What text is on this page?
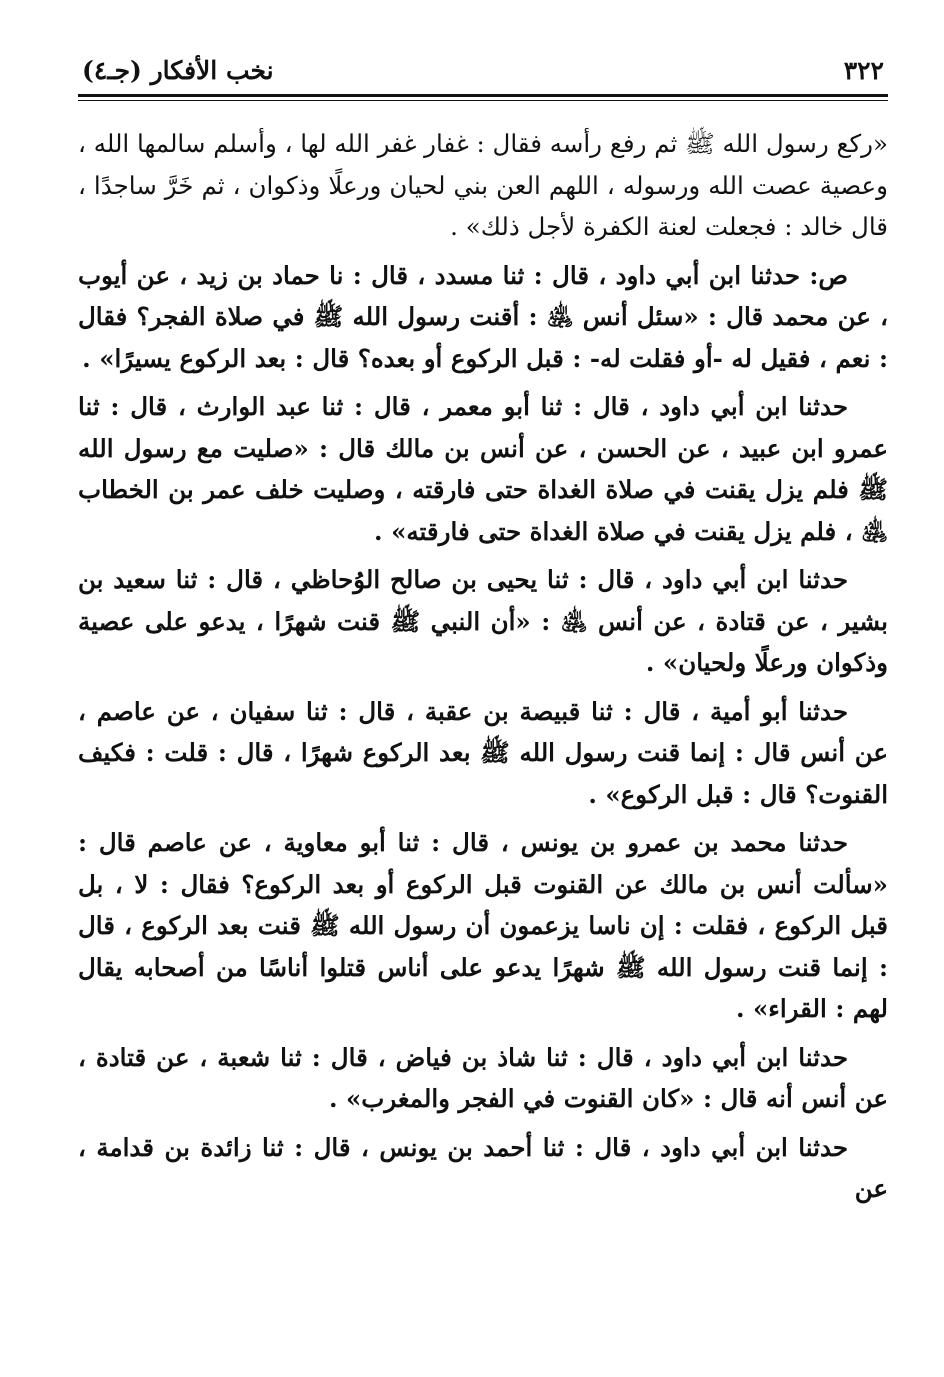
٣٢٢
نخب الأفكار (جـ٤)

«ركع رسول الله ﷺ ثم رفع رأسه فقال : غفار غفر الله لها ، وأسلم سالمها الله ، وعصية عصت الله ورسوله ، اللهم العن بني لحيان ورعلًا وذكوان ، ثم خَرَّ ساجدًا ، قال خالد : فجعلت لعنة الكفرة لأجل ذلك» .

ص: حدثنا ابن أبي داود ، قال : ثنا مسدد ، قال : نا حماد بن زيد ، عن أيوب ، عن محمد قال : «سئل أنس ﵁ : أقنت رسول الله ﷺ في صلاة الفجر؟ فقال : نعم ، فقيل له -أو فقلت له- : قبل الركوع أو بعده؟ قال : بعد الركوع يسيرًا» .

حدثنا ابن أبي داود ، قال : ثنا أبو معمر ، قال : ثنا عبد الوارث ، قال : ثنا عمرو ابن عبيد ، عن الحسن ، عن أنس بن مالك قال : «صليت مع رسول الله ﷺ فلم يزل يقنت في صلاة الغداة حتى فارقته ، وصليت خلف عمر بن الخطاب ﵁ ، فلم يزل يقنت في صلاة الغداة حتى فارقته» .

حدثنا ابن أبي داود ، قال : ثنا يحيى بن صالح الوُحاظي ، قال : ثنا سعيد بن بشير ، عن قتادة ، عن أنس ﵁ : «أن النبي ﷺ قنت شهرًا ، يدعو على عصية وذكوان ورعلًا ولحيان» .

حدثنا أبو أمية ، قال : ثنا قبيصة بن عقبة ، قال : ثنا سفيان ، عن عاصم ، عن أنس قال : إنما قنت رسول الله ﷺ بعد الركوع شهرًا ، قال : قلت : فكيف القنوت؟ قال : قبل الركوع» .

حدثنا محمد بن عمرو بن يونس ، قال : ثنا أبو معاوية ، عن عاصم قال : «سألت أنس بن مالك عن القنوت قبل الركوع أو بعد الركوع؟ فقال : لا ، بل قبل الركوع ، فقلت : إن ناسا يزعمون أن رسول الله ﷺ قنت بعد الركوع ، قال : إنما قنت رسول الله ﷺ شهرًا يدعو على أناس قتلوا أناسًا من أصحابه يقال لهم : القراء» .

حدثنا ابن أبي داود ، قال : ثنا شاذ بن فياض ، قال : ثنا شعبة ، عن قتادة ، عن أنس أنه قال : «كان القنوت في الفجر والمغرب» .

حدثنا ابن أبي داود ، قال : ثنا أحمد بن يونس ، قال : ثنا زائدة بن قدامة ، عن
